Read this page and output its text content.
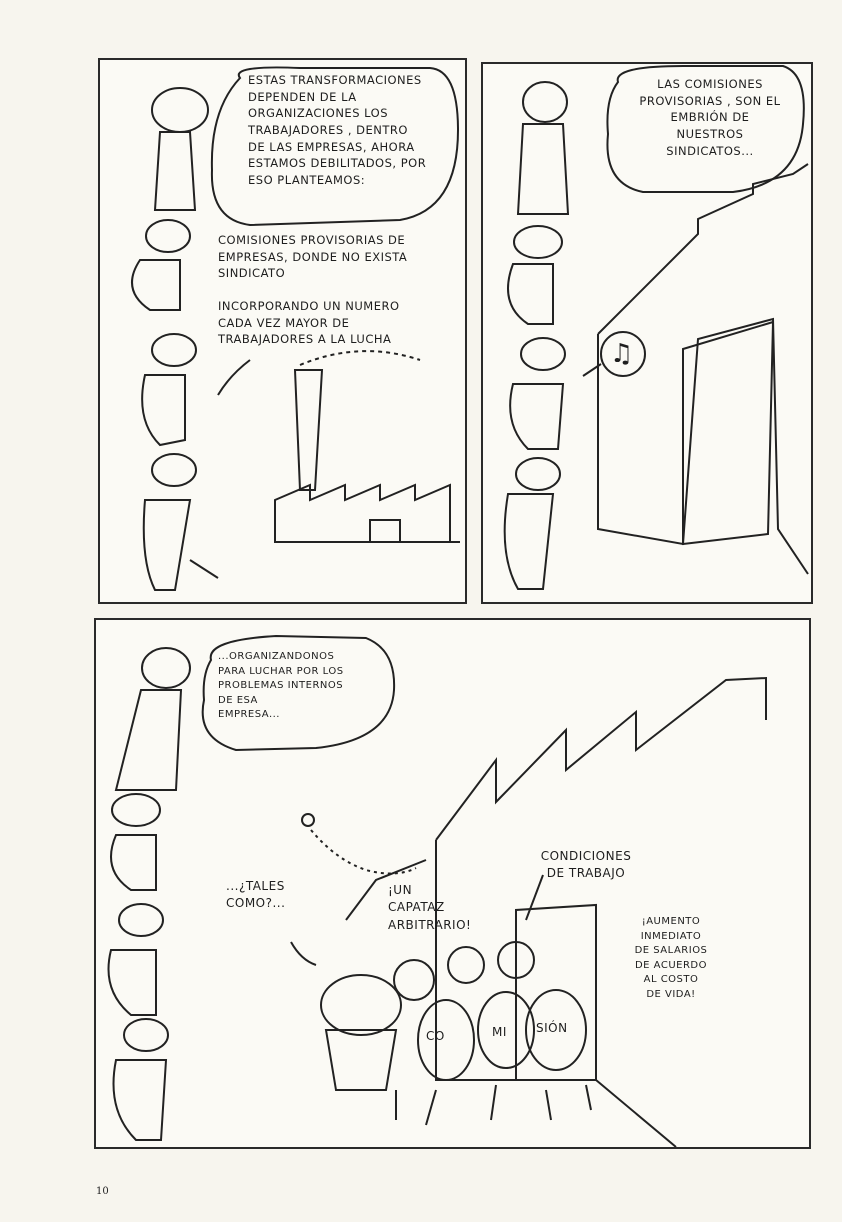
ESTAS TRANSFORMACIONES
DEPENDEN DE LA
ORGANIZACIONES LOS
TRABAJADORES , DENTRO
DE LAS EMPRESAS, AHORA
ESTAMOS DEBILITADOS, POR
ESO PLANTEAMOS:
COMISIONES PROVISORIAS DE
EMPRESAS, DONDE NO EXISTA
SINDICATO
INCORPORANDO UN NUMERO
CADA VEZ MAYOR DE
TRABAJADORES A LA LUCHA
LAS COMISIONES
PROVISORIAS , SON EL
EMBRIÓN DE
NUESTROS
SINDICATOS...
♫
...ORGANIZANDONOS
PARA LUCHAR POR LOS
PROBLEMAS INTERNOS
DE ESA
EMPRESA...
...¿TALES
COMO?...
¡UN
CAPATAZ
ARBITRARIO!
CONDICIONES
DE TRABAJO
¡AUMENTO
INMEDIATO
DE SALARIOS
DE ACUERDO
AL COSTO
DE VIDA!
CO	MI SIÓN
10
